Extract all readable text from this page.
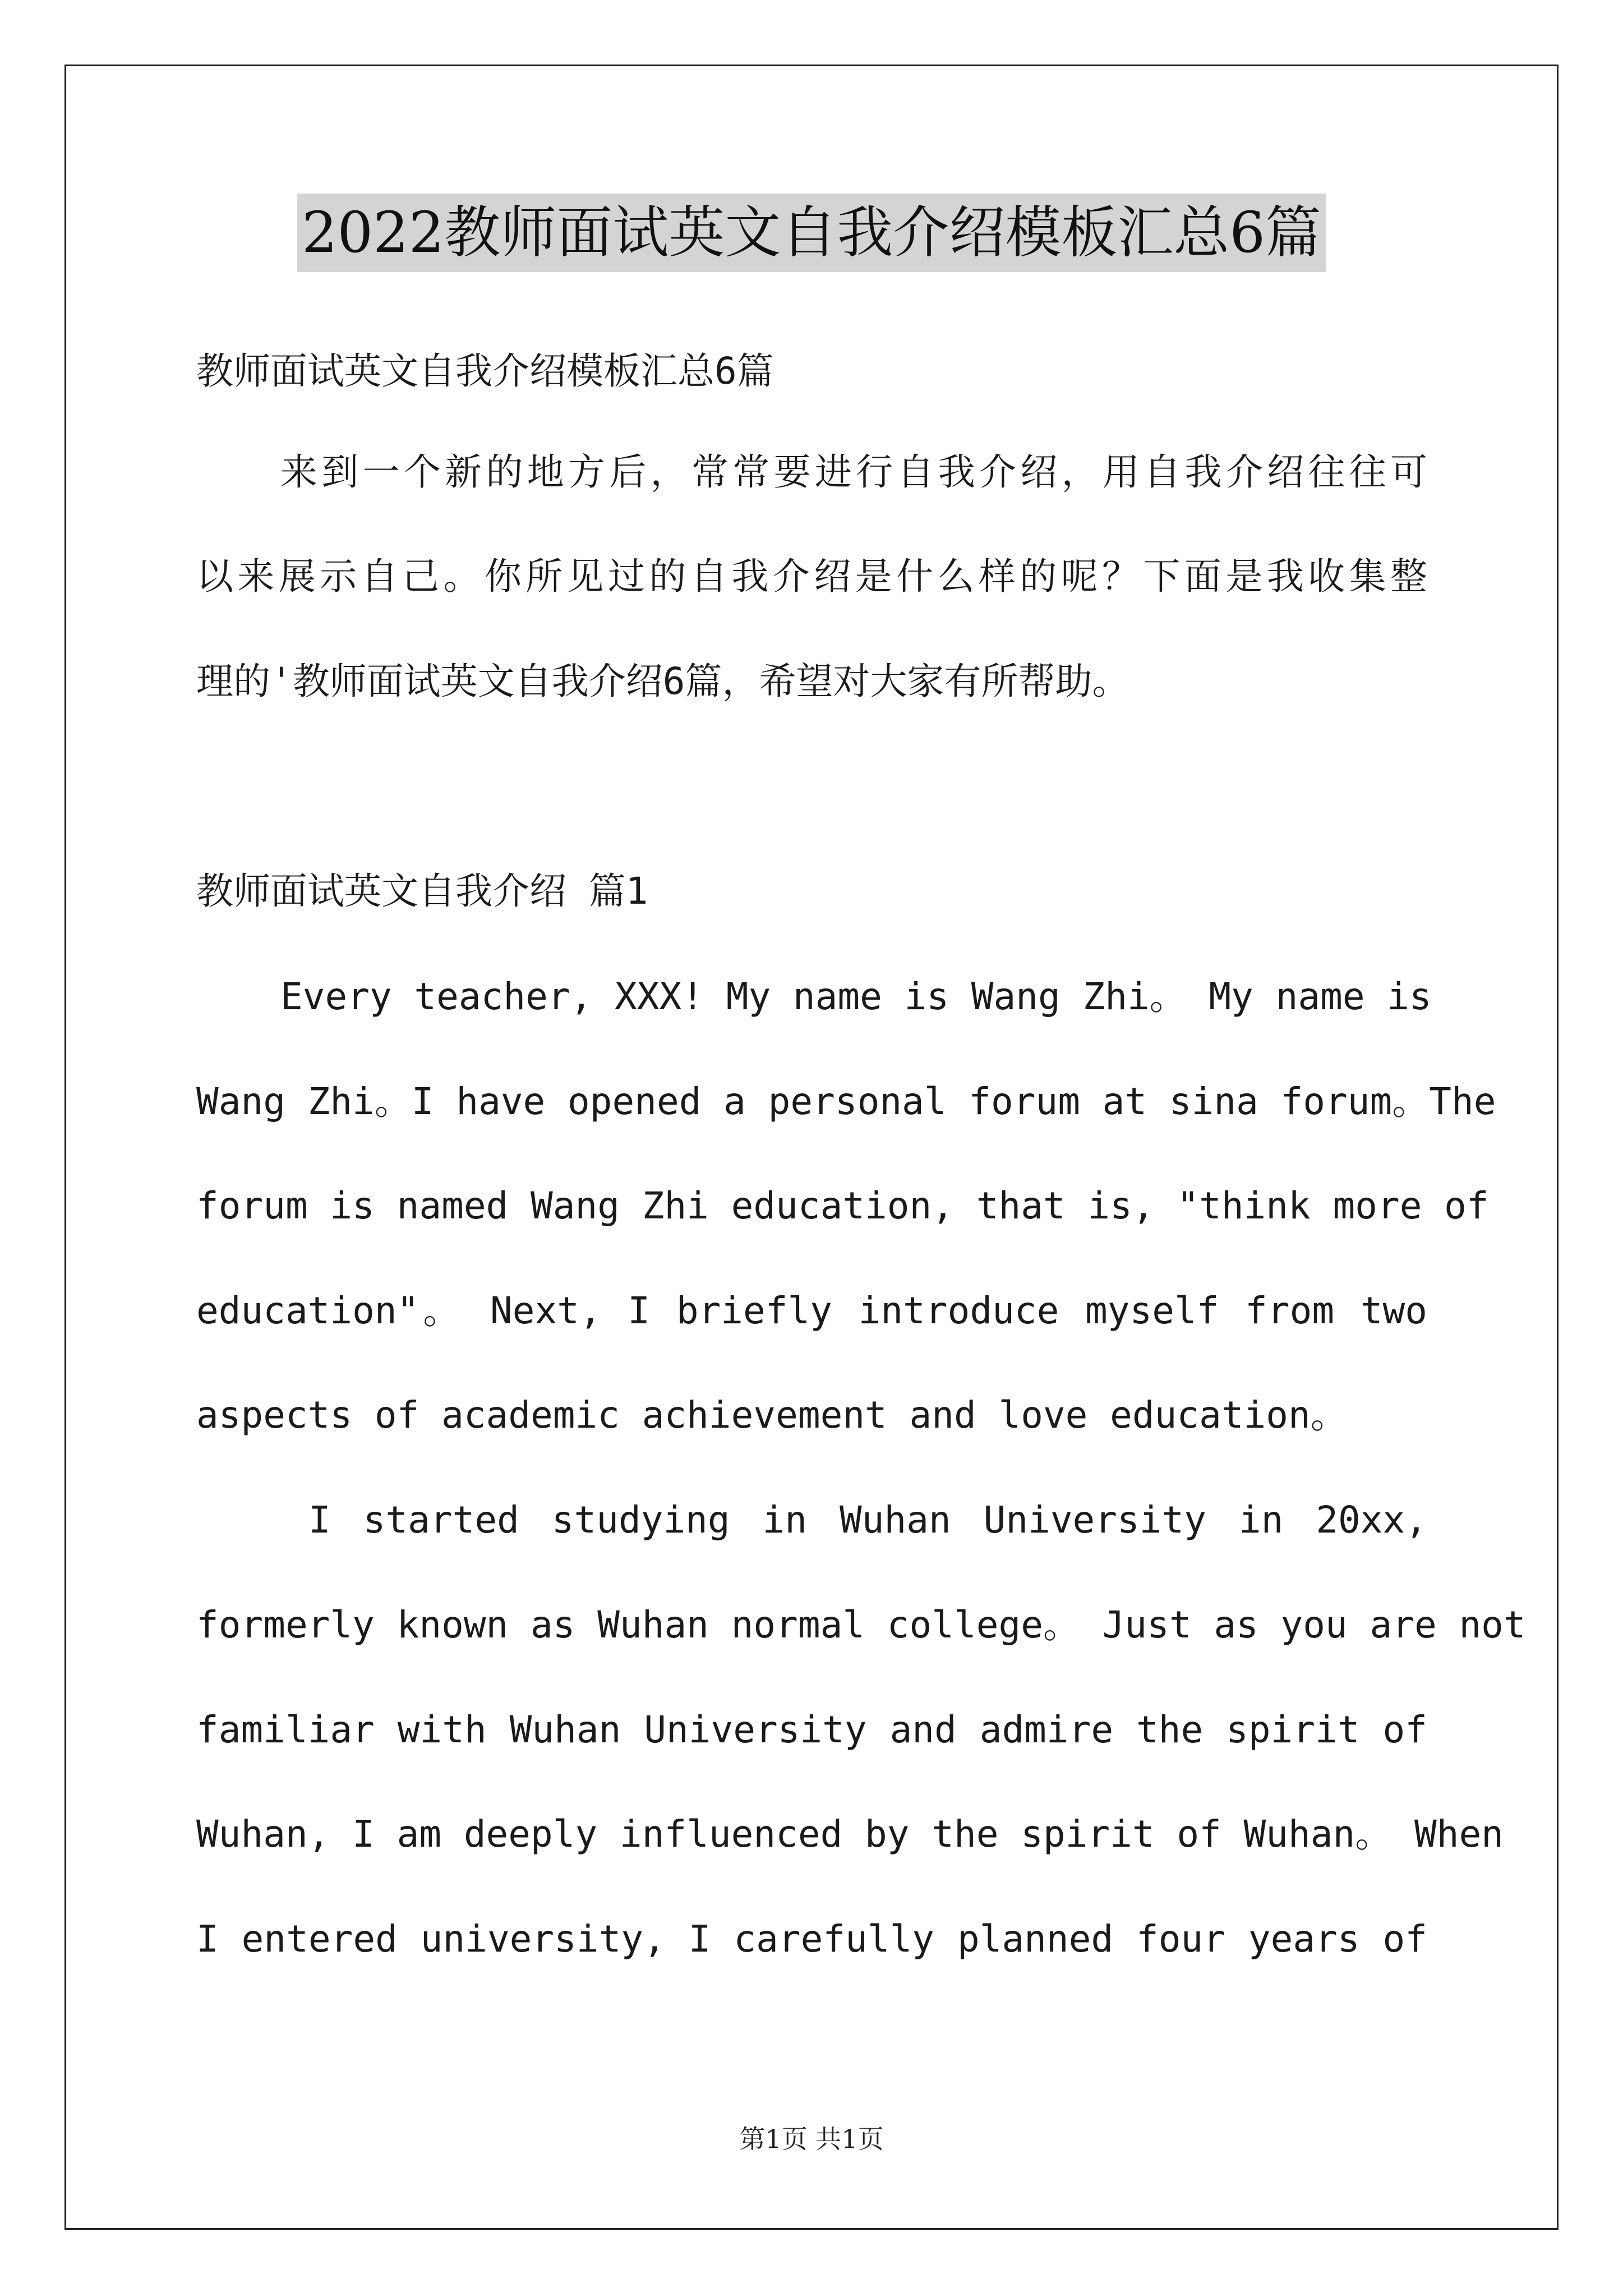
2022教师面试英文自我介绍模板汇总6篇
教师面试英文自我介绍模板汇总6篇
来到一个新的地方后，常常要进行自我介绍，用自我介绍往往可
以来展示自己。你所见过的自我介绍是什么样的呢？下面是我收集整
理的'教师面试英文自我介绍6篇，希望对大家有所帮助。
教师面试英文自我介绍 篇1
Every teacher, XXX! My name is Wang Zhi。 My name is
Wang Zhi。I have opened a personal forum at sina forum。The
forum is named Wang Zhi education, that is, "think more of
education"。 Next, I briefly introduce myself from two
aspects of academic achievement and love education。
I started studying in Wuhan University in 20xx,
formerly known as Wuhan normal college。 Just as you are not
familiar with Wuhan University and admire the spirit of
Wuhan, I am deeply influenced by the spirit of Wuhan。 When
I entered university, I carefully planned four years of
第1页 共1页
